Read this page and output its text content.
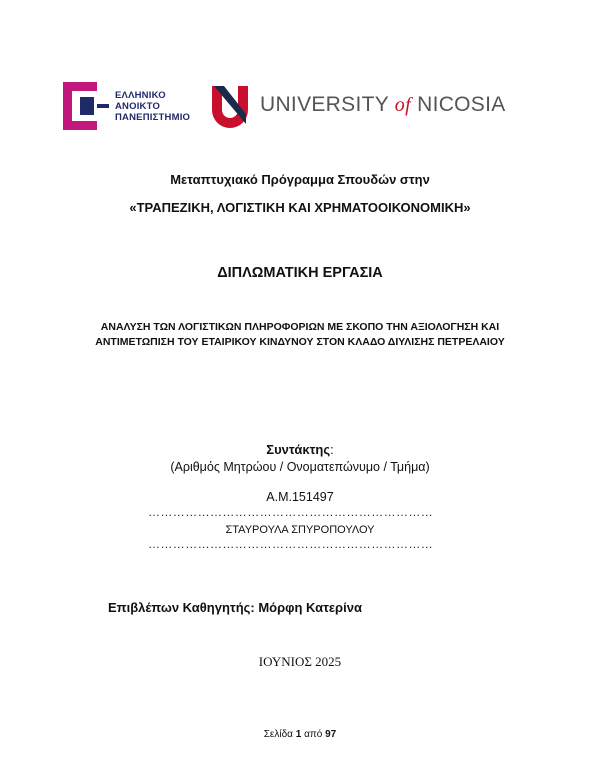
ΕΛΛΗΝΙΚΟ
ΑΝΟΙΚΤΟ
ΠΑΝΕΠΙΣΤΗΜΙΟ
UNIVERSITY of NICOSIA
Μεταπτυχιακό Πρόγραμμα Σπουδών στην
«ΤΡΑΠΕΖΙΚΗ, ΛΟΓΙΣΤΙΚΗ ΚΑΙ ΧΡΗΜΑΤΟΟΙΚΟΝΟΜΙΚΗ»
ΔΙΠΛΩΜΑΤΙΚΗ ΕΡΓΑΣΙΑ
ΑΝΑΛΥΣΗ ΤΩΝ ΛΟΓΙΣΤΙΚΩΝ ΠΛΗΡΟΦΟΡΙΩΝ ΜΕ ΣΚΟΠΟ ΤΗΝ ΑΞΙΟΛΟΓΗΣΗ ΚΑΙ
ΑΝΤΙΜΕΤΩΠΙΣΗ ΤΟΥ ΕΤΑΙΡΙΚΟΥ ΚΙΝΔΥΝΟΥ ΣΤΟΝ ΚΛΑΔΟ ΔΙΥΛΙΣΗΣ ΠΕΤΡΕΛΑΙΟΥ
Συντάκτης:
(Αριθμός Μητρώου / Ονοματεπώνυμο / Τμήμα)
Α.Μ.151497
……………………………………………………………
ΣΤΑΥΡΟΥΛΑ ΣΠΥΡΟΠΟΥΛΟΥ
……………………………………………………………
Επιβλέπων Καθηγητής: Μόρφη Κατερίνα
ΙΟΥΝΙΟΣ 2025
Σελίδα 1 από 97
